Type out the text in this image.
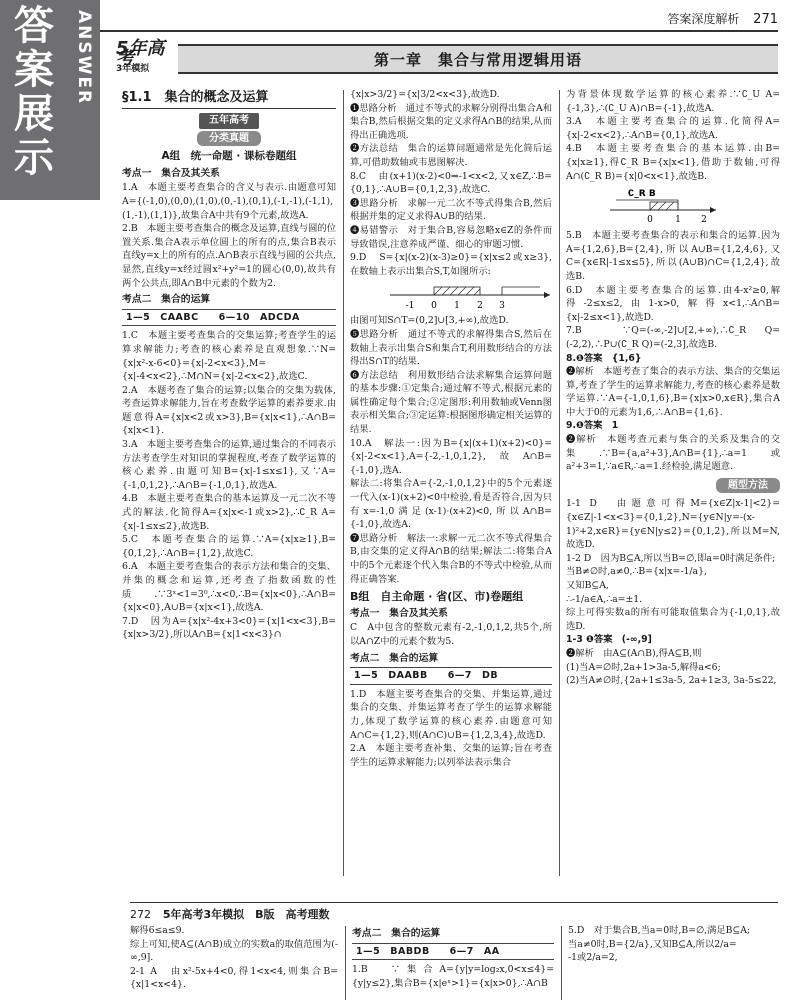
答案展示
ANSWER	答案深度解析 271
5年高考
3年模拟
第一章　集合与常用逻辑用语
§1.1　集合的概念及运算
五年高考
分类真题
A组　统一命题 · 课标卷题组
考点一　集合及其关系
1.A　本题主要考查集合的含义与表示.由题意可知A={(-1,0),(0,0),(1,0),(0,-1),(0,1),(-1,-1),(-1,1),(1,-1),(1,1)},故集合A中共有9个元素,故选A.
2.B　本题主要考查集合的概念及运算,直线与圆的位置关系.集合A表示单位圆上的所有的点,集合B表示直线y=x上的所有的点.A∩B表示直线与圆的公共点,显然,直线y=x经过圆x²+y²=1的圆心(0,0),故共有两个公共点,即A∩B中元素的个数为2.
考点二　集合的运算
1—5　CAABC　　6—10　ADCDA
1.C　本题主要考查集合的交集运算;考查学生的运算求解能力;考查的核心素养是直观想象.∵N={x|x²-x-6<0}={x|-2<x<3},M={x|-4<x<2},∴M∩N={x|-2<x<2},故选C.
2.A　本题考查了集合的运算;以集合的交集为载体,考查运算求解能力,旨在考查数学运算的素养要求.由题意得A={x|x<2或x>3},B={x|x<1},∴A∩B={x|x<1}.
3.A　本题主要考查集合的运算,通过集合的不同表示方法考查学生对知识的掌握程度,考查了数学运算的核心素养.由题可知B={x|-1≤x≤1},又∵A={-1,0,1,2},∴A∩B={-1,0,1},故选A.
4.B　本题主要考查集合的基本运算及一元二次不等式的解法.化简得A={x|x<-1或x>2},∴∁_R A={x|-1≤x≤2},故选B.
5.C　本题考查集合的运算.∵A={x|x≥1},B={0,1,2},∴A∩B={1,2},故选C.
6.A　本题主要考查集合的表示方法和集合的交集、并集的概念和运算,还考查了指数函数的性质.∵3ˣ<1=3⁰,∴x<0,∴B={x|x<0},∴A∩B={x|x<0},A∪B={x|x<1},故选A.
7.D　因为A={x|x²-4x+3<0}={x|1<x<3},B={x|x>3/2},所以A∩B={x|1<x<3}∩
{x|x>3/2}={x|3/2<x<3},故选D.
❶思路分析　通过不等式的求解分别得出集合A和集合B,然后根据交集的定义求得A∩B的结果,从而得出正确选项.
❷方法总结　集合的运算问题通常是先化简后运算,可借助数轴或韦恩图解决.
8.C　由(x+1)(x-2)<0⇒-1<x<2,又x∈Z,∴B={0,1},∴A∪B={0,1,2,3},故选C.
❸思路分析　求解一元二次不等式得集合B,然后根据并集的定义求得A∪B的结果.
❹易错警示　对于集合B,容易忽略x∈Z的条件而导致错误,注意养成严谨、细心的审题习惯.
9.D　S={x|(x-2)(x-3)≥0}={x|x≤2或x≥3},在数轴上表示出集合S,T,如图所示:
-1 0 1 2 3
由图可知S∩T=(0,2]∪[3,+∞),故选D.
❺思路分析　通过不等式的求解得集合S,然后在数轴上表示出集合S和集合T,利用数形结合的方法得出S∩T的结果.
❻方法总结　利用数形结合法求解集合运算问题的基本步骤:①定集合;通过解不等式,根据元素的属性确定每个集合;②定图形:利用数轴或Venn图表示相关集合;③定运算:根据图形确定相关运算的结果.
10.A　解法一:因为B={x|(x+1)(x+2)<0}={x|-2<x<1},A={-2,-1,0,1,2},故A∩B={-1,0},选A.
解法二:将集合A={-2,-1,0,1,2}中的5个元素逐一代入(x-1)(x+2)<0中检验,看是否符合,因为只有x=-1,0满足(x-1)·(x+2)<0,所以A∩B={-1,0},故选A.
❼思路分析　解法一:求解一元二次不等式得集合B,由交集的定义得A∩B的结果;解法二:将集合A中的5个元素逐个代入集合B的不等式中检验,从而得正确答案.
B组　自主命题 · 省(区、市)卷题组
考点一　集合及其关系
C　A中包含的整数元素有-2,-1,0,1,2,共5个,所以A∩Z中的元素个数为5.
考点二　集合的运算
1—5　DAABB　　6—7　DB
1.D　本题主要考查集合的交集、并集运算,通过集合的交集、并集运算考查了学生的运算求解能力,体现了数学运算的核心素养.由题意可知A∩C={1,2},则(A∩C)∪B={1,2,3,4},故选D.
2.A　本题主要考查补集、交集的运算;旨在考查学生的运算求解能力;以列举法表示集合
为背景体现数学运算的核心素养.∵∁_U A={-1,3},∴(∁_U A)∩B={-1},故选A.
3.A　本题主要考查集合的运算.化简得A={x|-2<x<2},∴A∩B={0,1},故选A.
4.B　本题主要考查集合的基本运算.由B={x|x≥1},得∁_R B={x|x<1},借助于数轴,可得A∩(∁_R B)={x|0<x<1},故选B.
∁_R B
0 1 2
5.B　本题主要考查集合的表示和集合的运算.因为A={1,2,6},B={2,4},所以A∪B={1,2,4,6},又C={x∈R|-1≤x≤5},所以(A∪B)∩C={1,2,4},故选B.
6.D　本题主要考查集合的运算.由4-x²≥0,解得-2≤x≤2,由1-x>0,解得x<1,∴A∩B={x|-2≤x<1},故选D.
7.B　∵Q=(-∞,-2]∪[2,+∞),∴∁_R Q=(-2,2),∴P∪(∁_R Q)=(-2,3],故选B.
8.❶答案　{1,6}
❷解析　本题考查了集合的表示方法、集合的交集运算,考查了学生的运算求解能力,考查的核心素养是数学运算.∵A={-1,0,1,6},B={x|x>0,x∈R},集合A中大于0的元素为1,6,∴A∩B={1,6}.
9.❶答案　1
❷解析　本题考查元素与集合的关系及集合的交集.∵B={a,a²+3},A∩B={1},∴a=1或a²+3=1,∵a∈R,∴a=1.经检验,满足题意.
题型方法
1-1 D　由题意可得M={x∈Z|x-1|<2}={x∈Z|-1<x<3}={0,1,2},N={y∈N|y=-(x-1)²+2,x∈R}={y∈N|y≤2}={0,1,2},所以M=N,故选D.
1-2 D　因为B⊆A,所以当B=∅,即a=0时满足条件;
当B≠∅时,a≠0,∴B={x|x=-1/a},
又知B⊆A,
∴-1/a∈A,∴a=±1.
综上可得实数a的所有可能取值集合为{-1,0,1},故选D.
1-3 ❶答案　(-∞,9]
❷解析　由A⊆(A∩B),得A⊆B,则
(1)当A=∅时,2a+1>3a-5,解得a<6;
(2)当A≠∅时,{2a+1≤3a-5, 2a+1≥3, 3a-5≤22,
272 5年高考3年模拟　B版　高考理数
解得6≤a≤9.
综上可知,使A⊆(A∩B)成立的实数a的取值范围为(-∞,9].
2-1 A　由x²-5x+4<0,得1<x<4,则集合B={x|1<x<4}.
考点二　集合的运算
1—5　BABDB　　6—7　AA
1.B　∵集合A={y|y=log₂x,0<x≤4}={y|y≤2},集合B={x|eˣ>1}={x|x>0},∴A∩B
5.D　对于集合B,当a=0时,B=∅,满足B⊆A;
当a≠0时,B={2/a},又知B⊆A,所以2/a=
-1或2/a=2,
